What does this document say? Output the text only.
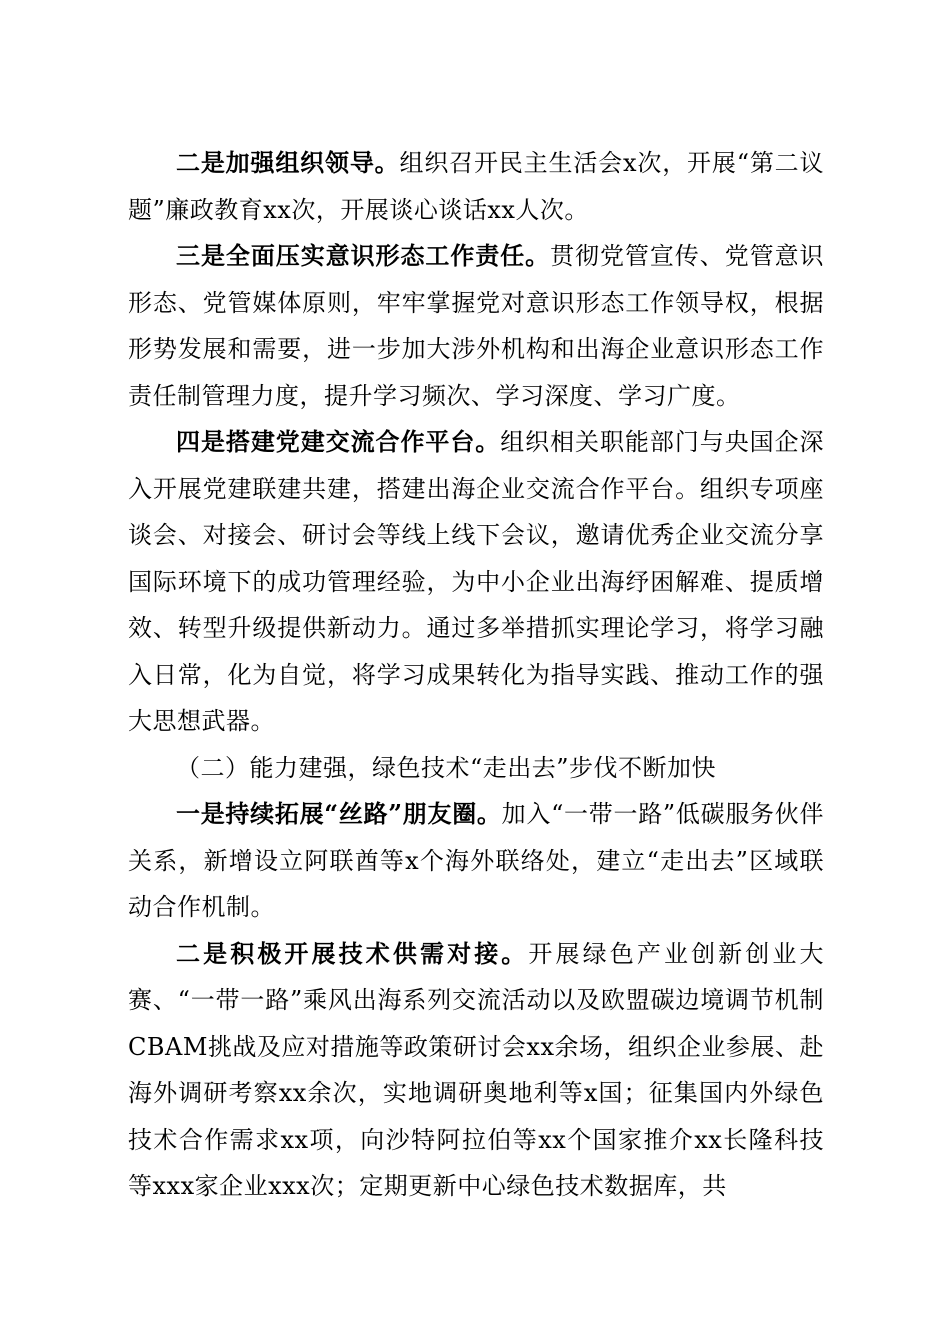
二是加强组织领导。组织召开民主生活会x次，开展“第二议题”廉政教育xx次，开展谈心谈话xx人次。

三是全面压实意识形态工作责任。贯彻党管宣传、党管意识形态、党管媒体原则，牢牢掌握党对意识形态工作领导权，根据形势发展和需要，进一步加大涉外机构和出海企业意识形态工作责任制管理力度，提升学习频次、学习深度、学习广度。

四是搭建党建交流合作平台。组织相关职能部门与央国企深入开展党建联建共建，搭建出海企业交流合作平台。组织专项座谈会、对接会、研讨会等线上线下会议，邀请优秀企业交流分享国际环境下的成功管理经验，为中小企业出海纾困解难、提质增效、转型升级提供新动力。通过多举措抓实理论学习，将学习融入日常，化为自觉，将学习成果转化为指导实践、推动工作的强大思想武器。

（二）能力建强，绿色技术“走出去”步伐不断加快

一是持续拓展“丝路”朋友圈。加入“一带一路”低碳服务伙伴关系，新增设立阿联酋等x个海外联络处，建立“走出去”区域联动合作机制。

二是积极开展技术供需对接。开展绿色产业创新创业大赛、“一带一路”乘风出海系列交流活动以及欧盟碳边境调节机制CBAM挑战及应对措施等政策研讨会xx余场，组织企业参展、赴海外调研考察xx余次，实地调研奥地利等x国；征集国内外绿色技术合作需求xx项，向沙特阿拉伯等xx个国家推介xx长隆科技等xxx家企业xxx次；定期更新中心绿色技术数据库，共
